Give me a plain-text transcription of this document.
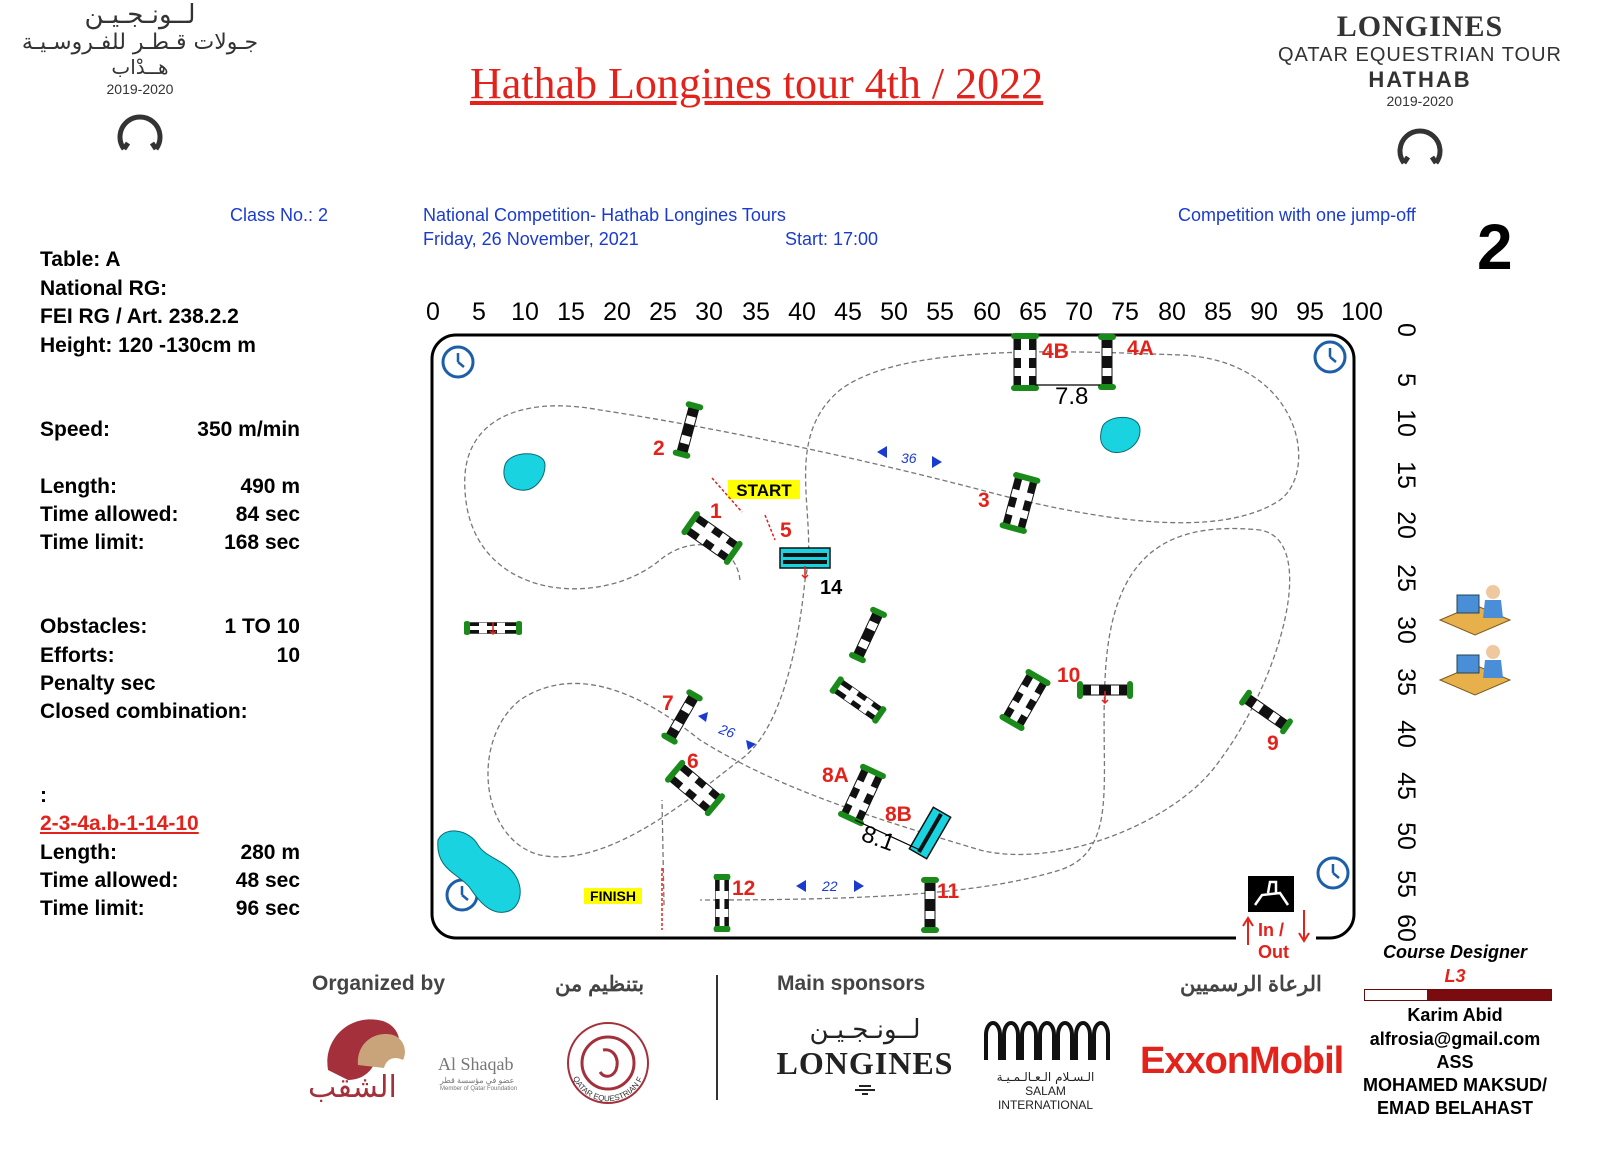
لــونـجـيـن
جـولات قـطـر للفـروسـيـة
هــدْاب
2019-2020
LONGINES
QATAR EQUESTRIAN TOUR
HATHAB
2019-2020
Hathab Longines tour 4th / 2022
Class No.: 2	National Competition- Hathab Longines Tours
Friday, 26 November, 2021	Start: 17:00
Competition with one jump-off 2
Table: A
National RG:
FEI RG / Art. 238.2.2
Height: 120 -130cm m
Speed:	350 m/min
Length:	490 m
Time allowed:	84 sec
Time limit:	168 sec
Obstacles:	1 TO 10
Efforts:	10
Penalty sec
Closed combination:
:
2-3-4a.b-1-14-10
Length:	280 m
Time allowed:	48 sec
Time limit:	96 sec
0 5 10 15 20 25 30 35 40 45 50 55 60 65 70 75 80 85 90 95 100
0
5
10
15
20
25
30
35
40
45
50
55
60
START
FINISH
1
2
3
4A
4B
5
6
7
8A
8B
9
10
11
12
14
7.8
8.1
36
26
22
In /
Out
Organized by	بتنظيم من	Main sponsors	الرعاة الرسميين
الشقب
Al Shaqab
عضو في مؤسسة قطر
Member of Qatar Foundation
QATAR EQUESTRIAN F
لــونـجـيـن
LONGINES	الـسـلام الـعـالـمـيـة
SALAM INTERNATIONAL
ExxonMobil
Course Designer
L3
Karim Abid
alfrosia@gmail.com
ASS
MOHAMED MAKSUD/
EMAD BELAHAST
